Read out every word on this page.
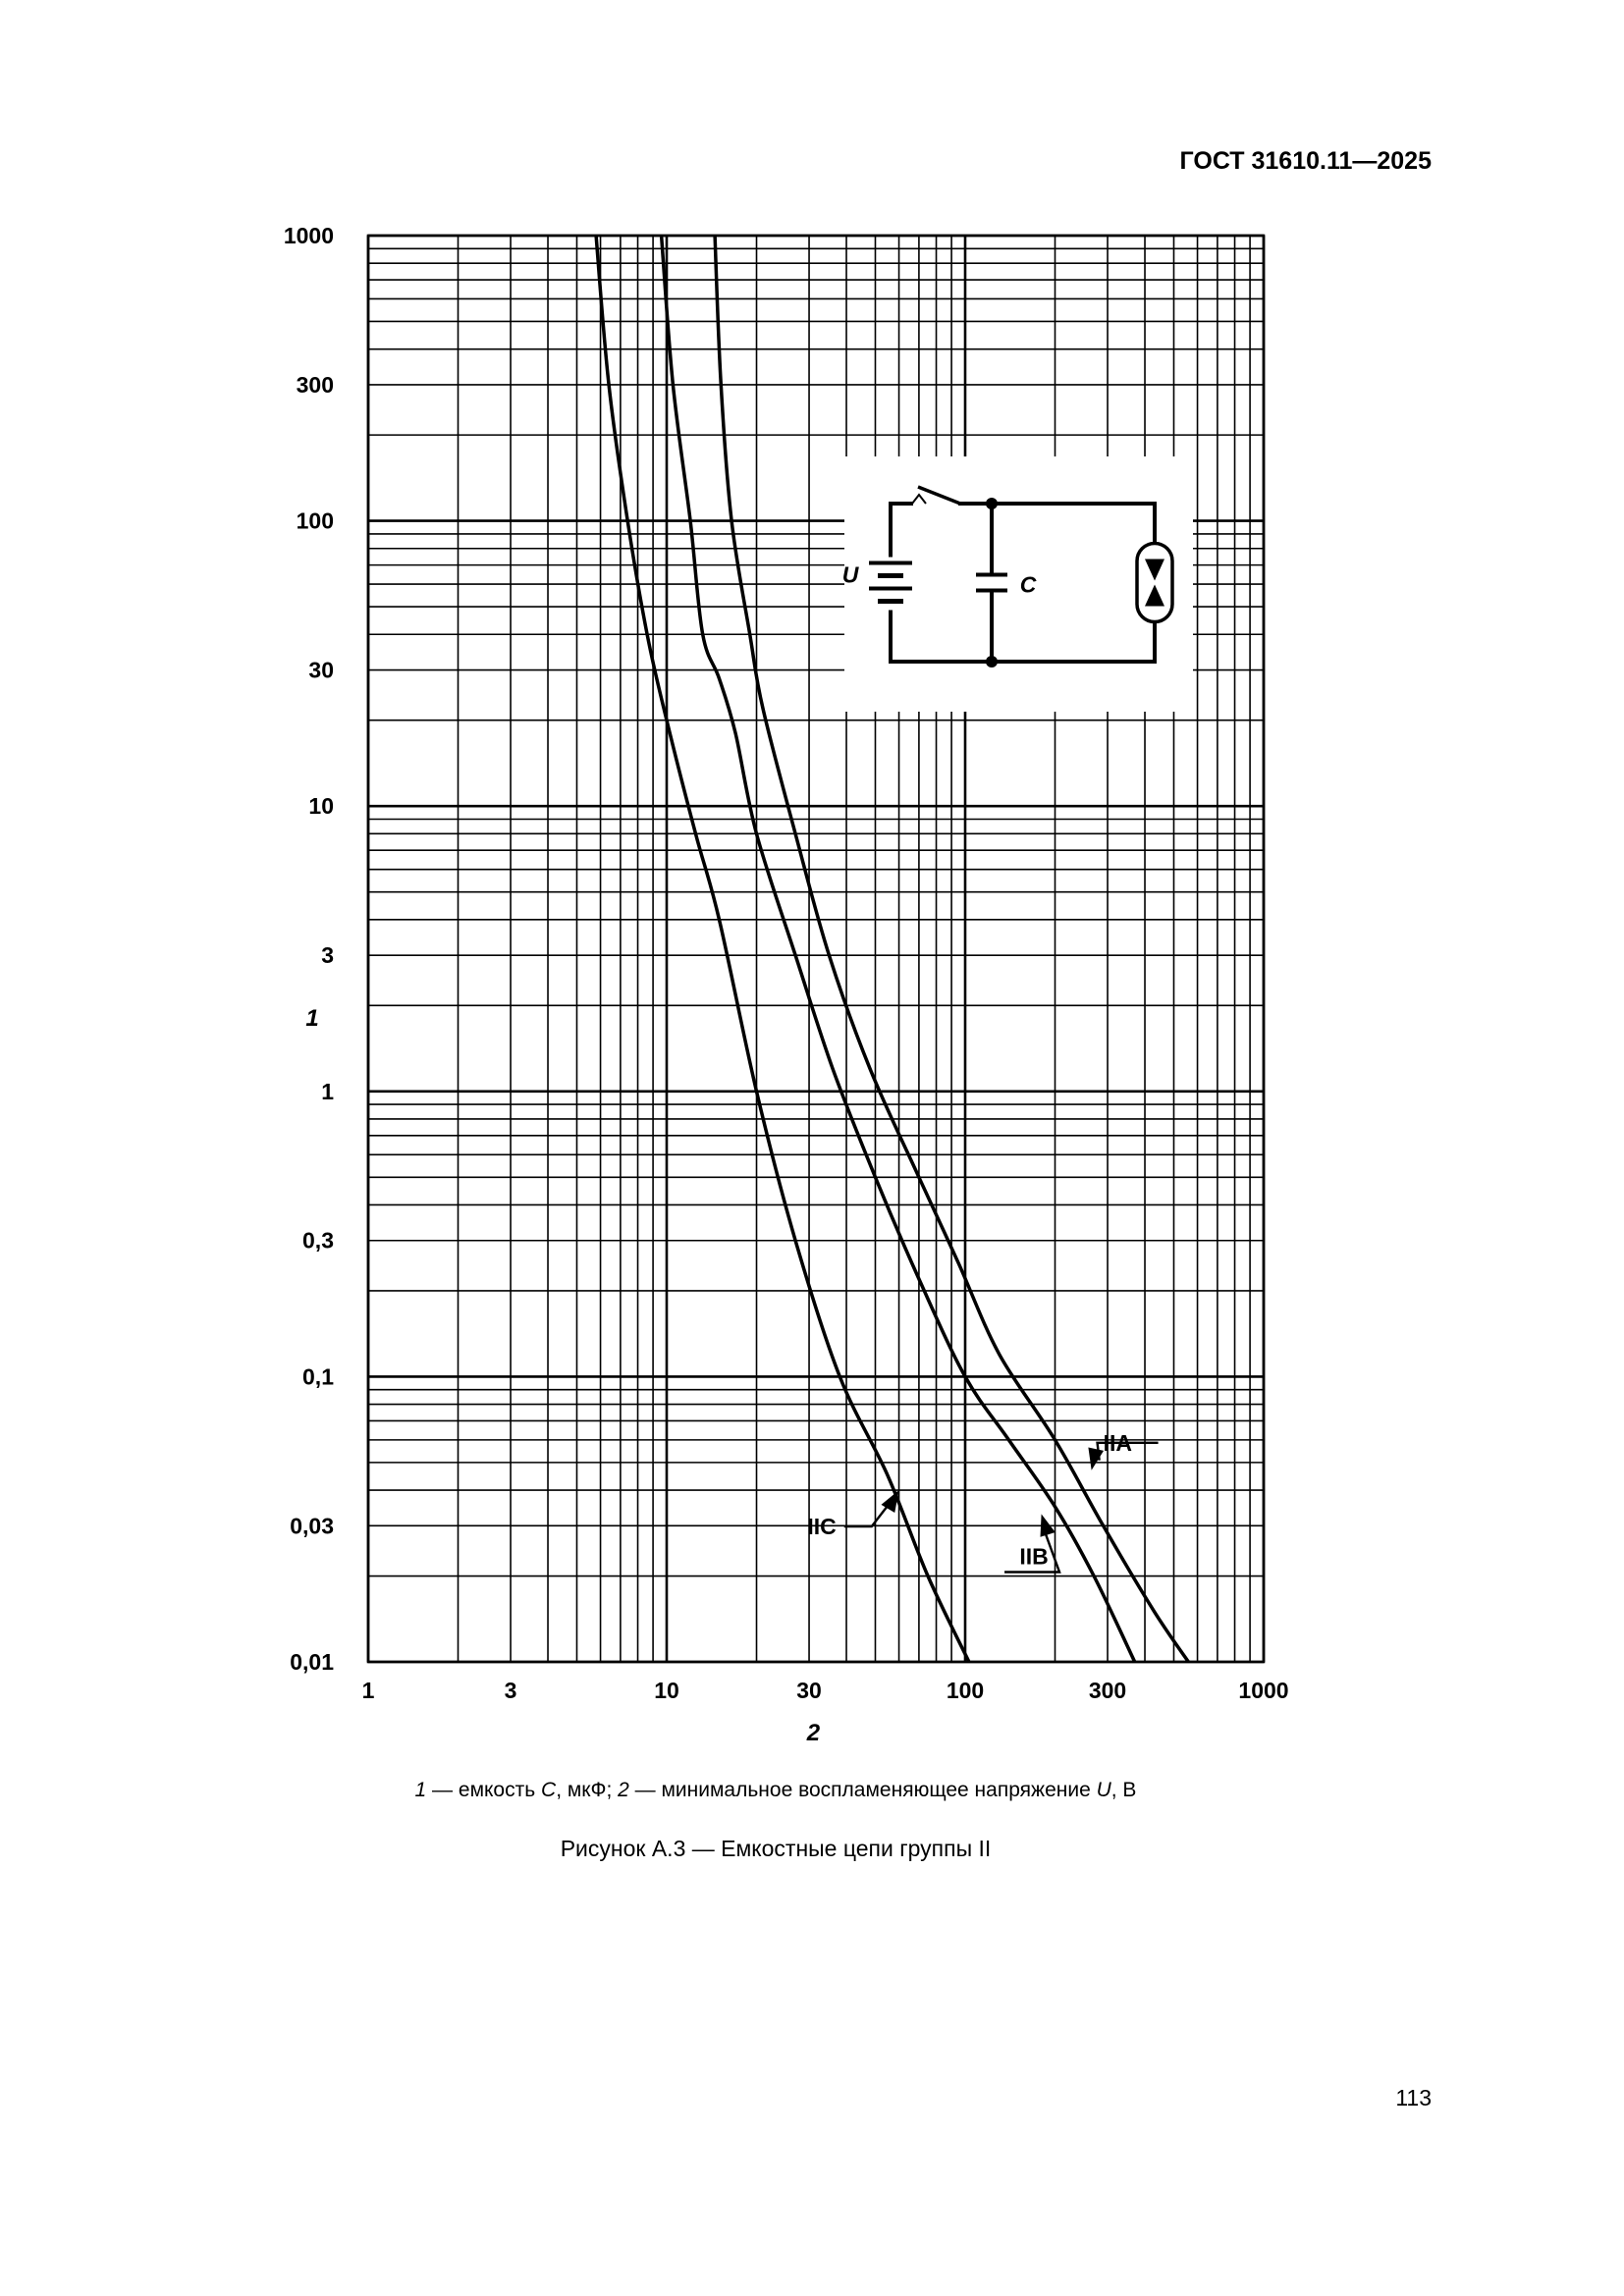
ГОСТ 31610.11—2025
U	C
1	3	10	30	100	300	1000
1000
300
100
30
10
3
1
0,3
0,1
0,03
0,01
IIC
IIB
IIA
2
1
1 — емкость C, мкФ; 2 — минимальное воспламеняющее напряжение U, В
Рисунок А.3 — Емкостные цепи группы II
113
